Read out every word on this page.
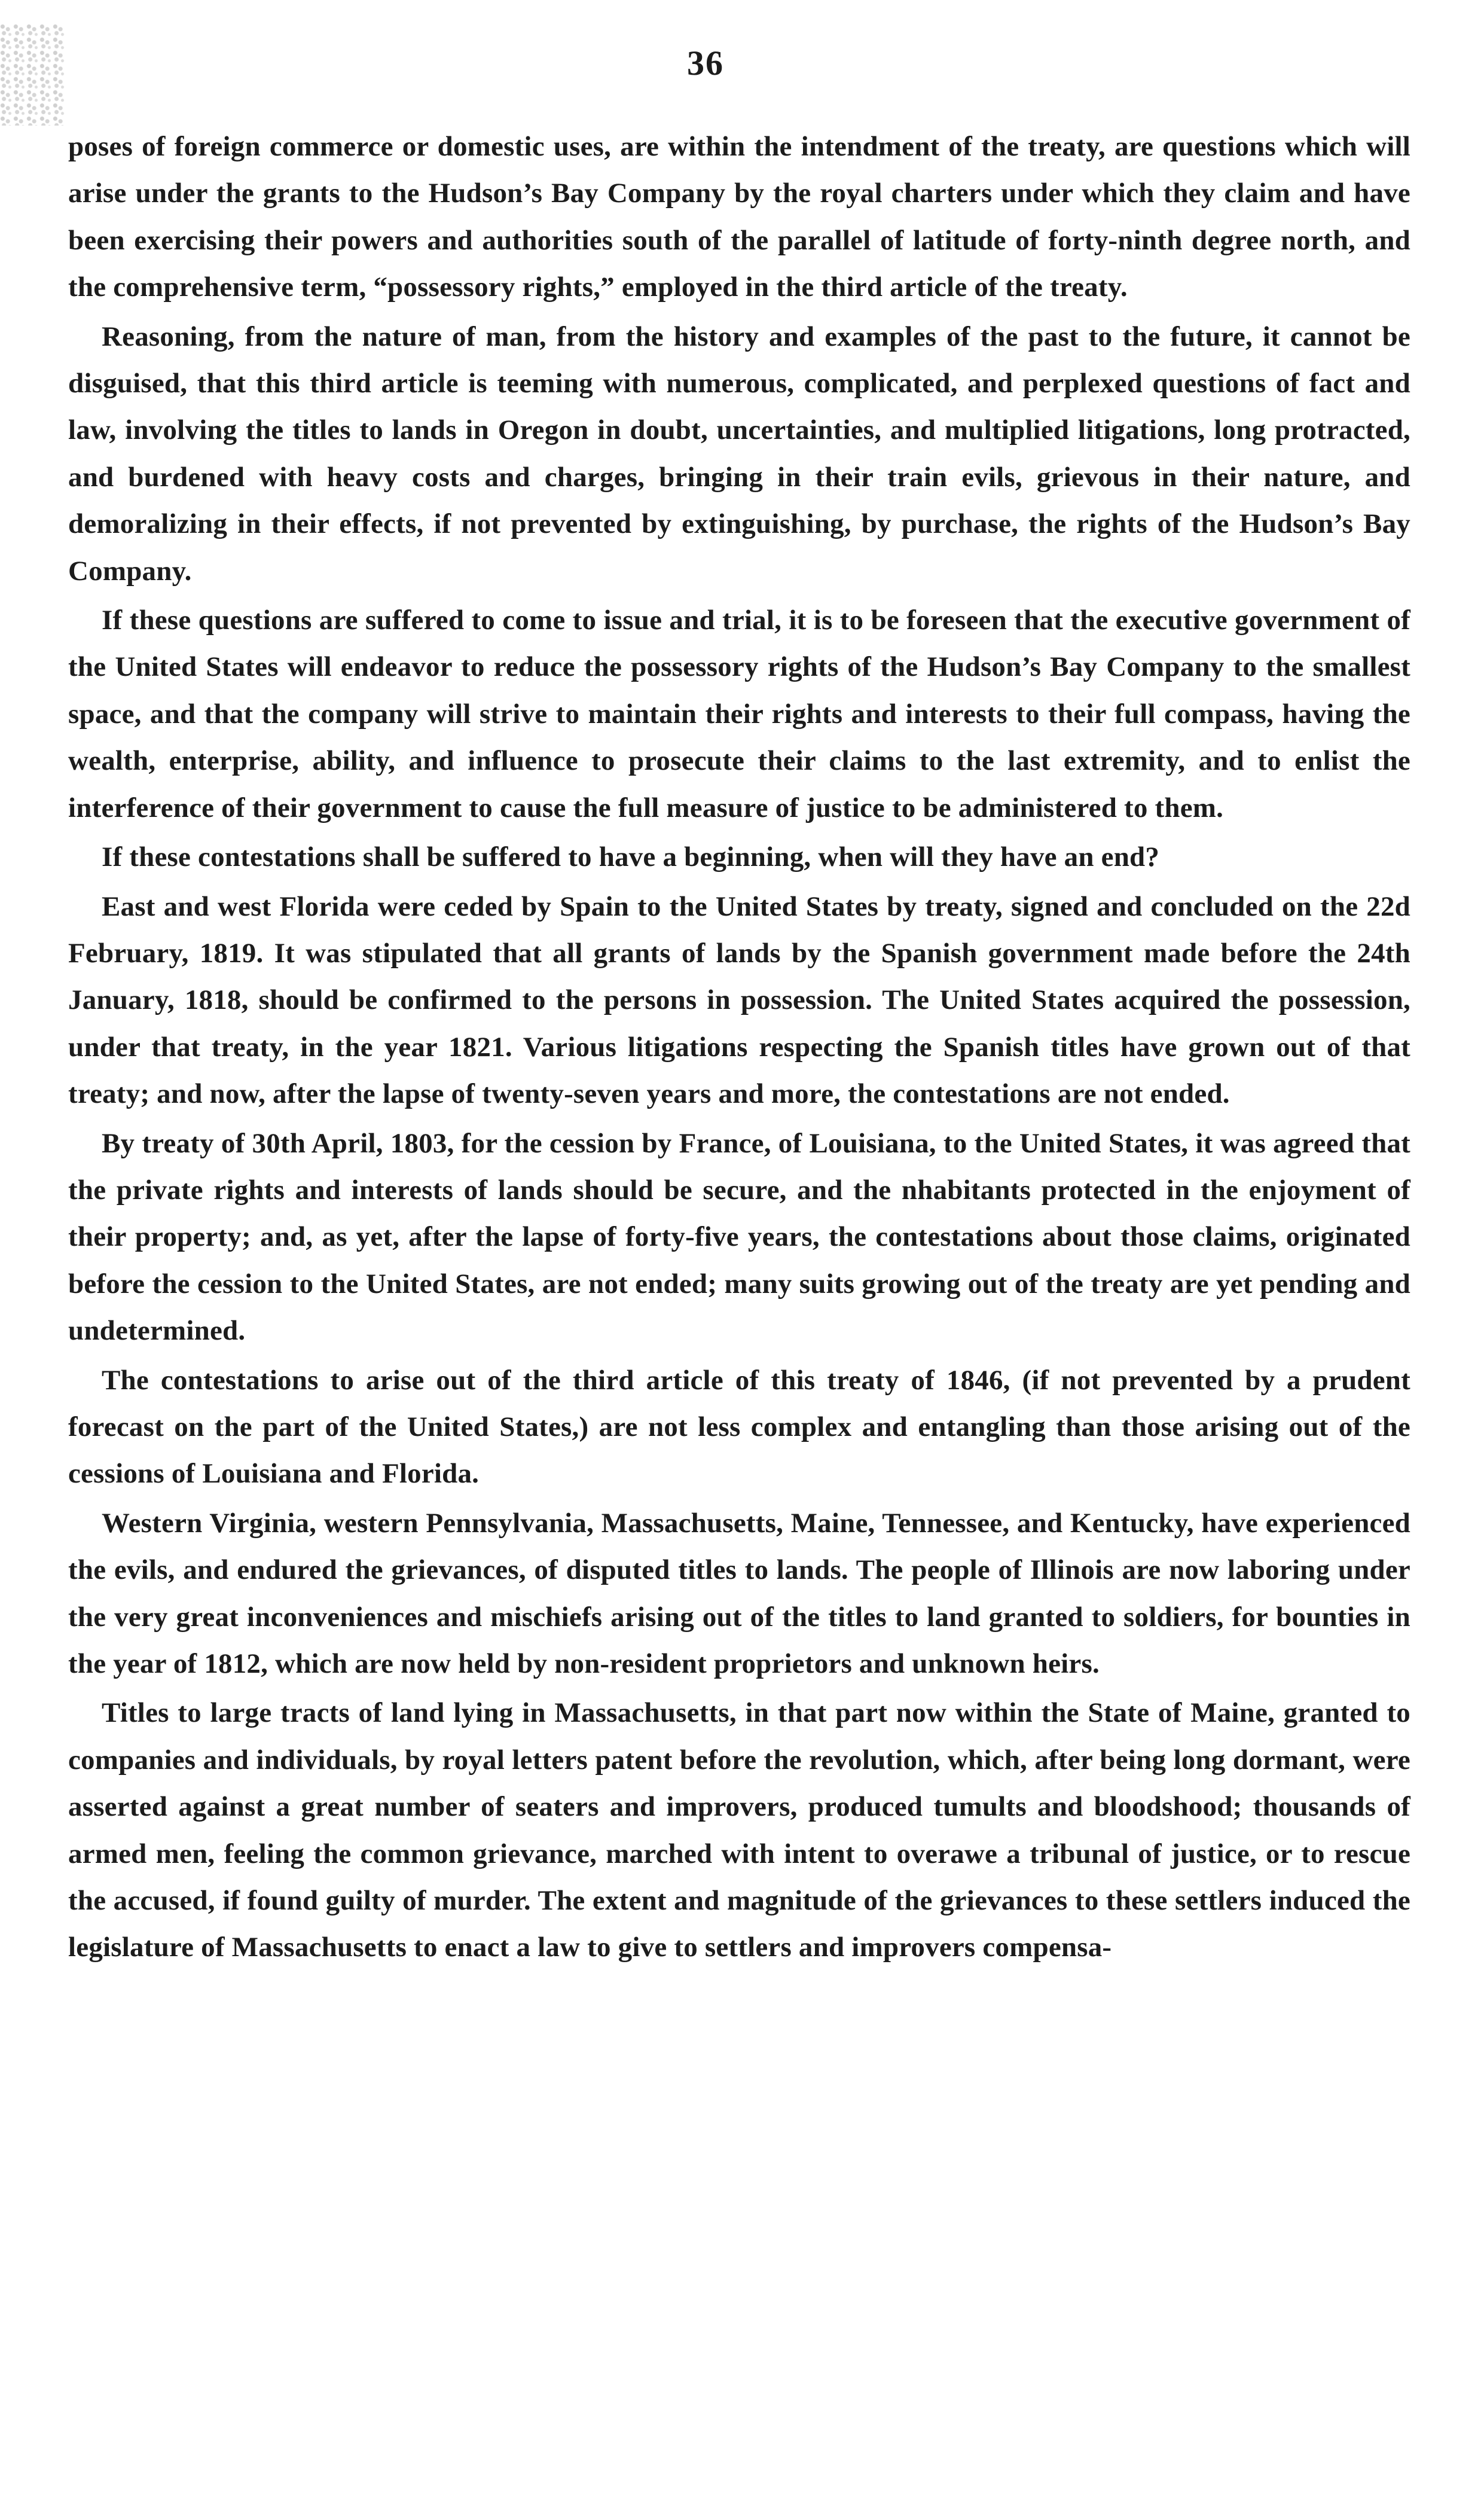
36

poses of foreign commerce or domestic uses, are within the intendment of the treaty, are questions which will arise under the grants to the Hudson’s Bay Company by the royal charters under which they claim and have been exercising their powers and authorities south of the parallel of latitude of forty-ninth degree north, and the comprehensive term, “possessory rights,” employed in the third article of the treaty.

Reasoning, from the nature of man, from the history and examples of the past to the future, it cannot be disguised, that this third article is teeming with numerous, complicated, and perplexed questions of fact and law, involving the titles to lands in Oregon in doubt, uncertainties, and multiplied litigations, long protracted, and burdened with heavy costs and charges, bringing in their train evils, grievous in their nature, and demoralizing in their effects, if not prevented by extinguishing, by purchase, the rights of the Hudson’s Bay Company.

If these questions are suffered to come to issue and trial, it is to be foreseen that the executive government of the United States will endeavor to reduce the possessory rights of the Hudson’s Bay Company to the smallest space, and that the company will strive to maintain their rights and interests to their full compass, having the wealth, enterprise, ability, and influence to prosecute their claims to the last extremity, and to enlist the interference of their government to cause the full measure of justice to be administered to them.

If these contestations shall be suffered to have a beginning, when will they have an end?

East and west Florida were ceded by Spain to the United States by treaty, signed and concluded on the 22d February, 1819. It was stipulated that all grants of lands by the Spanish government made before the 24th January, 1818, should be confirmed to the persons in possession. The United States acquired the possession, under that treaty, in the year 1821. Various litigations respecting the Spanish titles have grown out of that treaty; and now, after the lapse of twenty-seven years and more, the contestations are not ended.

By treaty of 30th April, 1803, for the cession by France, of Louisiana, to the United States, it was agreed that the private rights and interests of lands should be secure, and the nhabitants protected in the enjoyment of their property; and, as yet, after the lapse of forty-five years, the contestations about those claims, originated before the cession to the United States, are not ended; many suits growing out of the treaty are yet pending and undetermined.

The contestations to arise out of the third article of this treaty of 1846, (if not prevented by a prudent forecast on the part of the United States,) are not less complex and entangling than those arising out of the cessions of Louisiana and Florida.

Western Virginia, western Pennsylvania, Massachusetts, Maine, Tennessee, and Kentucky, have experienced the evils, and endured the grievances, of disputed titles to lands. The people of Illinois are now laboring under the very great inconveniences and mischiefs arising out of the titles to land granted to soldiers, for bounties in the year of 1812, which are now held by non-resident proprietors and unknown heirs.

Titles to large tracts of land lying in Massachusetts, in that part now within the State of Maine, granted to companies and individuals, by royal letters patent before the revolution, which, after being long dormant, were asserted against a great number of seaters and improvers, produced tumults and bloodshood; thousands of armed men, feeling the common grievance, marched with intent to overawe a tribunal of justice, or to rescue the accused, if found guilty of murder. The extent and magnitude of the grievances to these settlers induced the legislature of Massachusetts to enact a law to give to settlers and improvers compensa-
